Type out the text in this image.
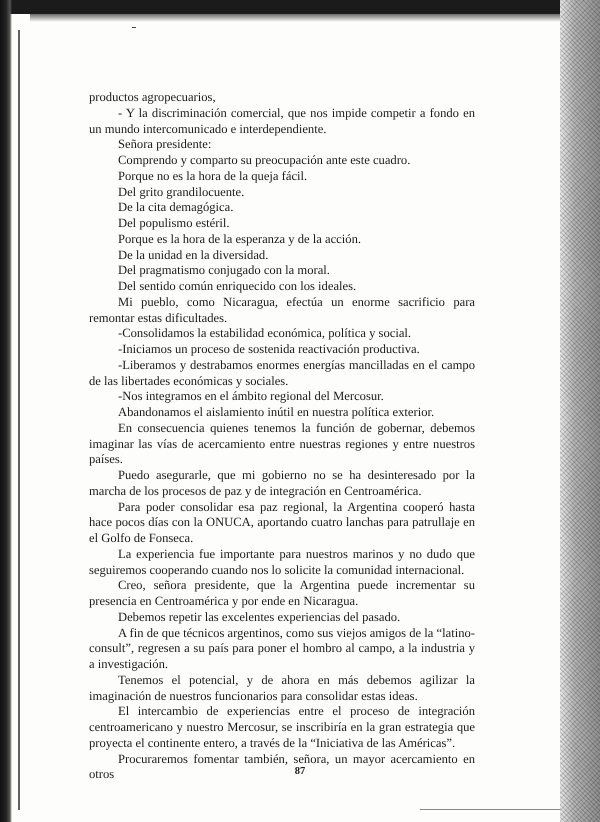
productos agropecuarios,

- Y la discriminación comercial, que nos impide competir a fondo en un mundo intercomunicado e interdependiente.

Señora presidente:

Comprendo y comparto su preocupación ante este cuadro.

Porque no es la hora de la queja fácil.

Del grito grandilocuente.

De la cita demagógica.

Del populismo estéril.

Porque es la hora de la esperanza y de la acción.

De la unidad en la diversidad.

Del pragmatismo conjugado con la moral.

Del sentido común enriquecido con los ideales.

Mi pueblo, como Nicaragua, efectúa un enorme sacrificio para remontar estas dificultades.

-Consolidamos la estabilidad económica, política y social.

-Iniciamos un proceso de sostenida reactivación productiva.

-Liberamos y destrabamos enormes energías mancilladas en el campo de las libertades económicas y sociales.

-Nos integramos en el ámbito regional del Mercosur.

Abandonamos el aislamiento inútil en nuestra política exterior.

En consecuencia quienes tenemos la función de gobernar, debemos imaginar las vías de acercamiento entre nuestras regiones y entre nuestros países.

Puedo asegurarle, que mi gobierno no se ha desinteresado por la marcha de los procesos de paz y de integración en Centroamérica.

Para poder consolidar esa paz regional, la Argentina cooperó hasta hace pocos días con la ONUCA, aportando cuatro lanchas para patrullaje en el Golfo de Fonseca.

La experiencia fue importante para nuestros marinos y no dudo que seguiremos cooperando cuando nos lo solicite la comunidad internacional.

Creo, señora presidente, que la Argentina puede incrementar su presencia en Centroamérica y por ende en Nicaragua.

Debemos repetir las excelentes experiencias del pasado.

A fin de que técnicos argentinos, como sus viejos amigos de la “latino-consult”, regresen a su país para poner el hombro al campo, a la industria y a investigación.

Tenemos el potencial, y de ahora en más debemos agilizar la imaginación de nuestros funcionarios para consolidar estas ideas.

El intercambio de experiencias entre el proceso de integración centroamericano y nuestro Mercosur, se inscribiría en la gran estrategia que proyecta el continente entero, a través de la “Iniciativa de las Américas”.

Procuraremos fomentar también, señora, un mayor acercamiento en otros	87
